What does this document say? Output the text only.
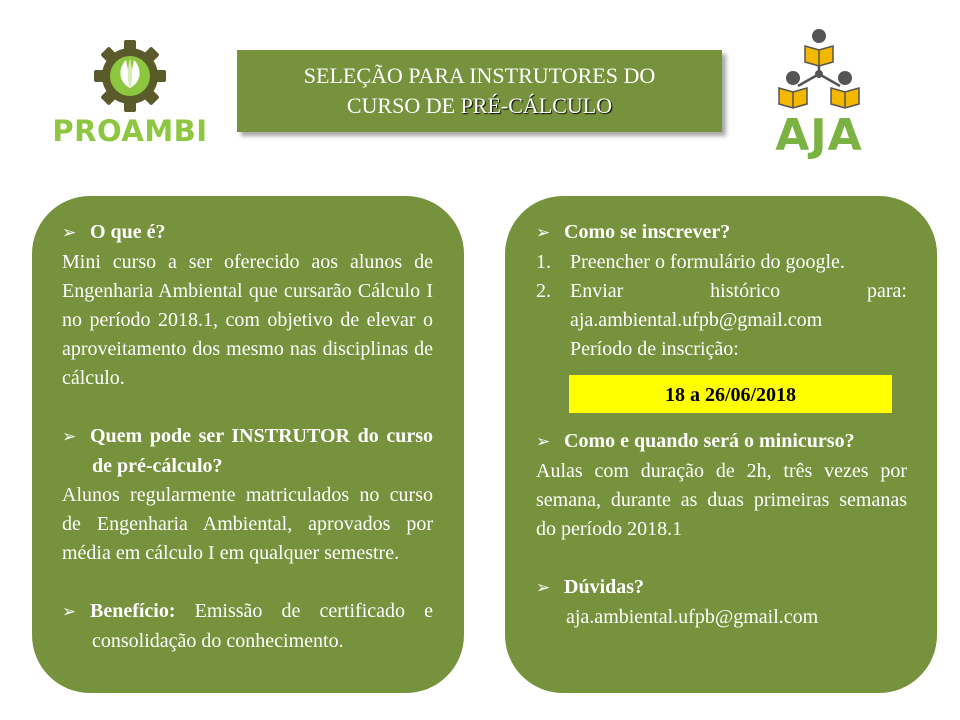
PROAMBI
SELEÇÃO PARA INSTRUTORES DO
CURSO DE PRÉ-CÁLCULO
AJA

➢ O que é?

Mini curso a ser oferecido aos alunos de Engenharia Ambiental que cursarão Cálculo I no período 2018.1, com objetivo de elevar o aproveitamento dos mesmo nas disciplinas de cálculo.

➢ Quem pode ser INSTRUTOR do curso de pré-cálculo?

Alunos regularmente matriculados no curso de Engenharia Ambiental, aprovados por média em cálculo I em qualquer semestre.

➢ Benefício: Emissão de certificado e consolidação do conhecimento.

➢ Como se inscrever?

1. Preencher o formulário do google.

2. Enviar histórico para:

aja.ambiental.ufpb@gmail.com

Período de inscrição:

18 a 26/06/2018

➢ Como e quando será o minicurso?

Aulas com duração de 2h, três vezes por semana, durante as duas primeiras semanas do período 2018.1

➢ Dúvidas?

aja.ambiental.ufpb@gmail.com
